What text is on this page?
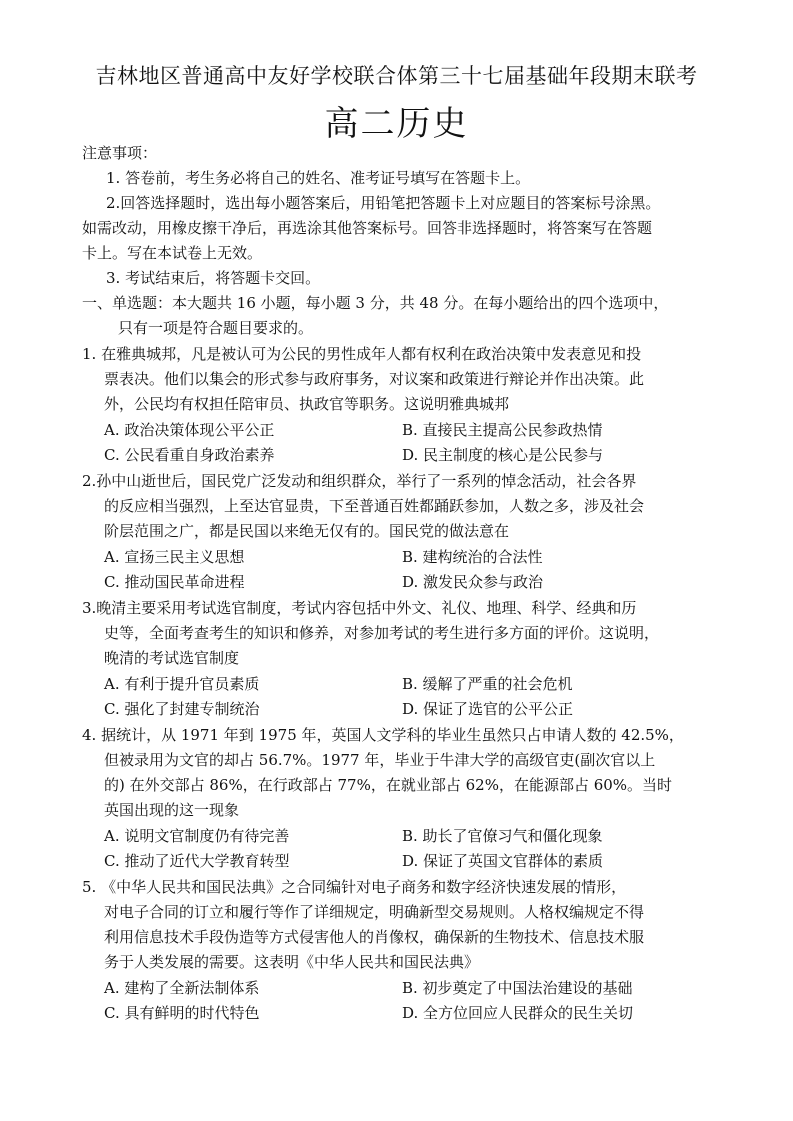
吉林地区普通高中友好学校联合体第三十七届基础年段期末联考
高二历史
注意事项：
1. 答卷前，考生务必将自己的姓名、准考证号填写在答题卡上。
2.回答选择题时，选出每小题答案后，用铅笔把答题卡上对应题目的答案标号涂黑。
如需改动，用橡皮擦干净后，再选涂其他答案标号。回答非选择题时，将答案写在答题
卡上。写在本试卷上无效。
3. 考试结束后，将答题卡交回。
一、单选题：本大题共 16 小题，每小题 3 分，共 48 分。在每小题给出的四个选项中，
只有一项是符合题目要求的。
1. 在雅典城邦，凡是被认可为公民的男性成年人都有权利在政治决策中发表意见和投
票表决。他们以集会的形式参与政府事务，对议案和政策进行辩论并作出决策。此
外，公民均有权担任陪审员、执政官等职务。这说明雅典城邦
A. 政治决策体现公平公正	B. 直接民主提高公民参政热情
C. 公民看重自身政治素养	D. 民主制度的核心是公民参与
2.孙中山逝世后，国民党广泛发动和组织群众，举行了一系列的悼念活动，社会各界
的反应相当强烈，上至达官显贵，下至普通百姓都踊跃参加，人数之多，涉及社会
阶层范围之广，都是民国以来绝无仅有的。国民党的做法意在
A. 宣扬三民主义思想	B. 建构统治的合法性
C. 推动国民革命进程	D. 激发民众参与政治
3.晚清主要采用考试选官制度，考试内容包括中外文、礼仪、地理、科学、经典和历
史等，全面考查考生的知识和修养，对参加考试的考生进行多方面的评价。这说明，
晚清的考试选官制度
A. 有利于提升官员素质	B. 缓解了严重的社会危机
C. 强化了封建专制统治	D. 保证了选官的公平公正
4. 据统计，从 1971 年到 1975 年，英国人文学科的毕业生虽然只占申请人数的 42.5%，
但被录用为文官的却占 56.7%。1977 年，毕业于牛津大学的高级官吏(副次官以上
的) 在外交部占 86%，在行政部占 77%，在就业部占 62%，在能源部占 60%。当时
英国出现的这一现象
A. 说明文官制度仍有待完善	B. 助长了官僚习气和僵化现象
C. 推动了近代大学教育转型	D. 保证了英国文官群体的素质
5. 《中华人民共和国民法典》之合同编针对电子商务和数字经济快速发展的情形，
对电子合同的订立和履行等作了详细规定，明确新型交易规则。人格权编规定不得
利用信息技术手段伪造等方式侵害他人的肖像权，确保新的生物技术、信息技术服
务于人类发展的需要。这表明《中华人民共和国民法典》
A. 建构了全新法制体系	B. 初步奠定了中国法治建设的基础
C. 具有鲜明的时代特色	D. 全方位回应人民群众的民生关切
